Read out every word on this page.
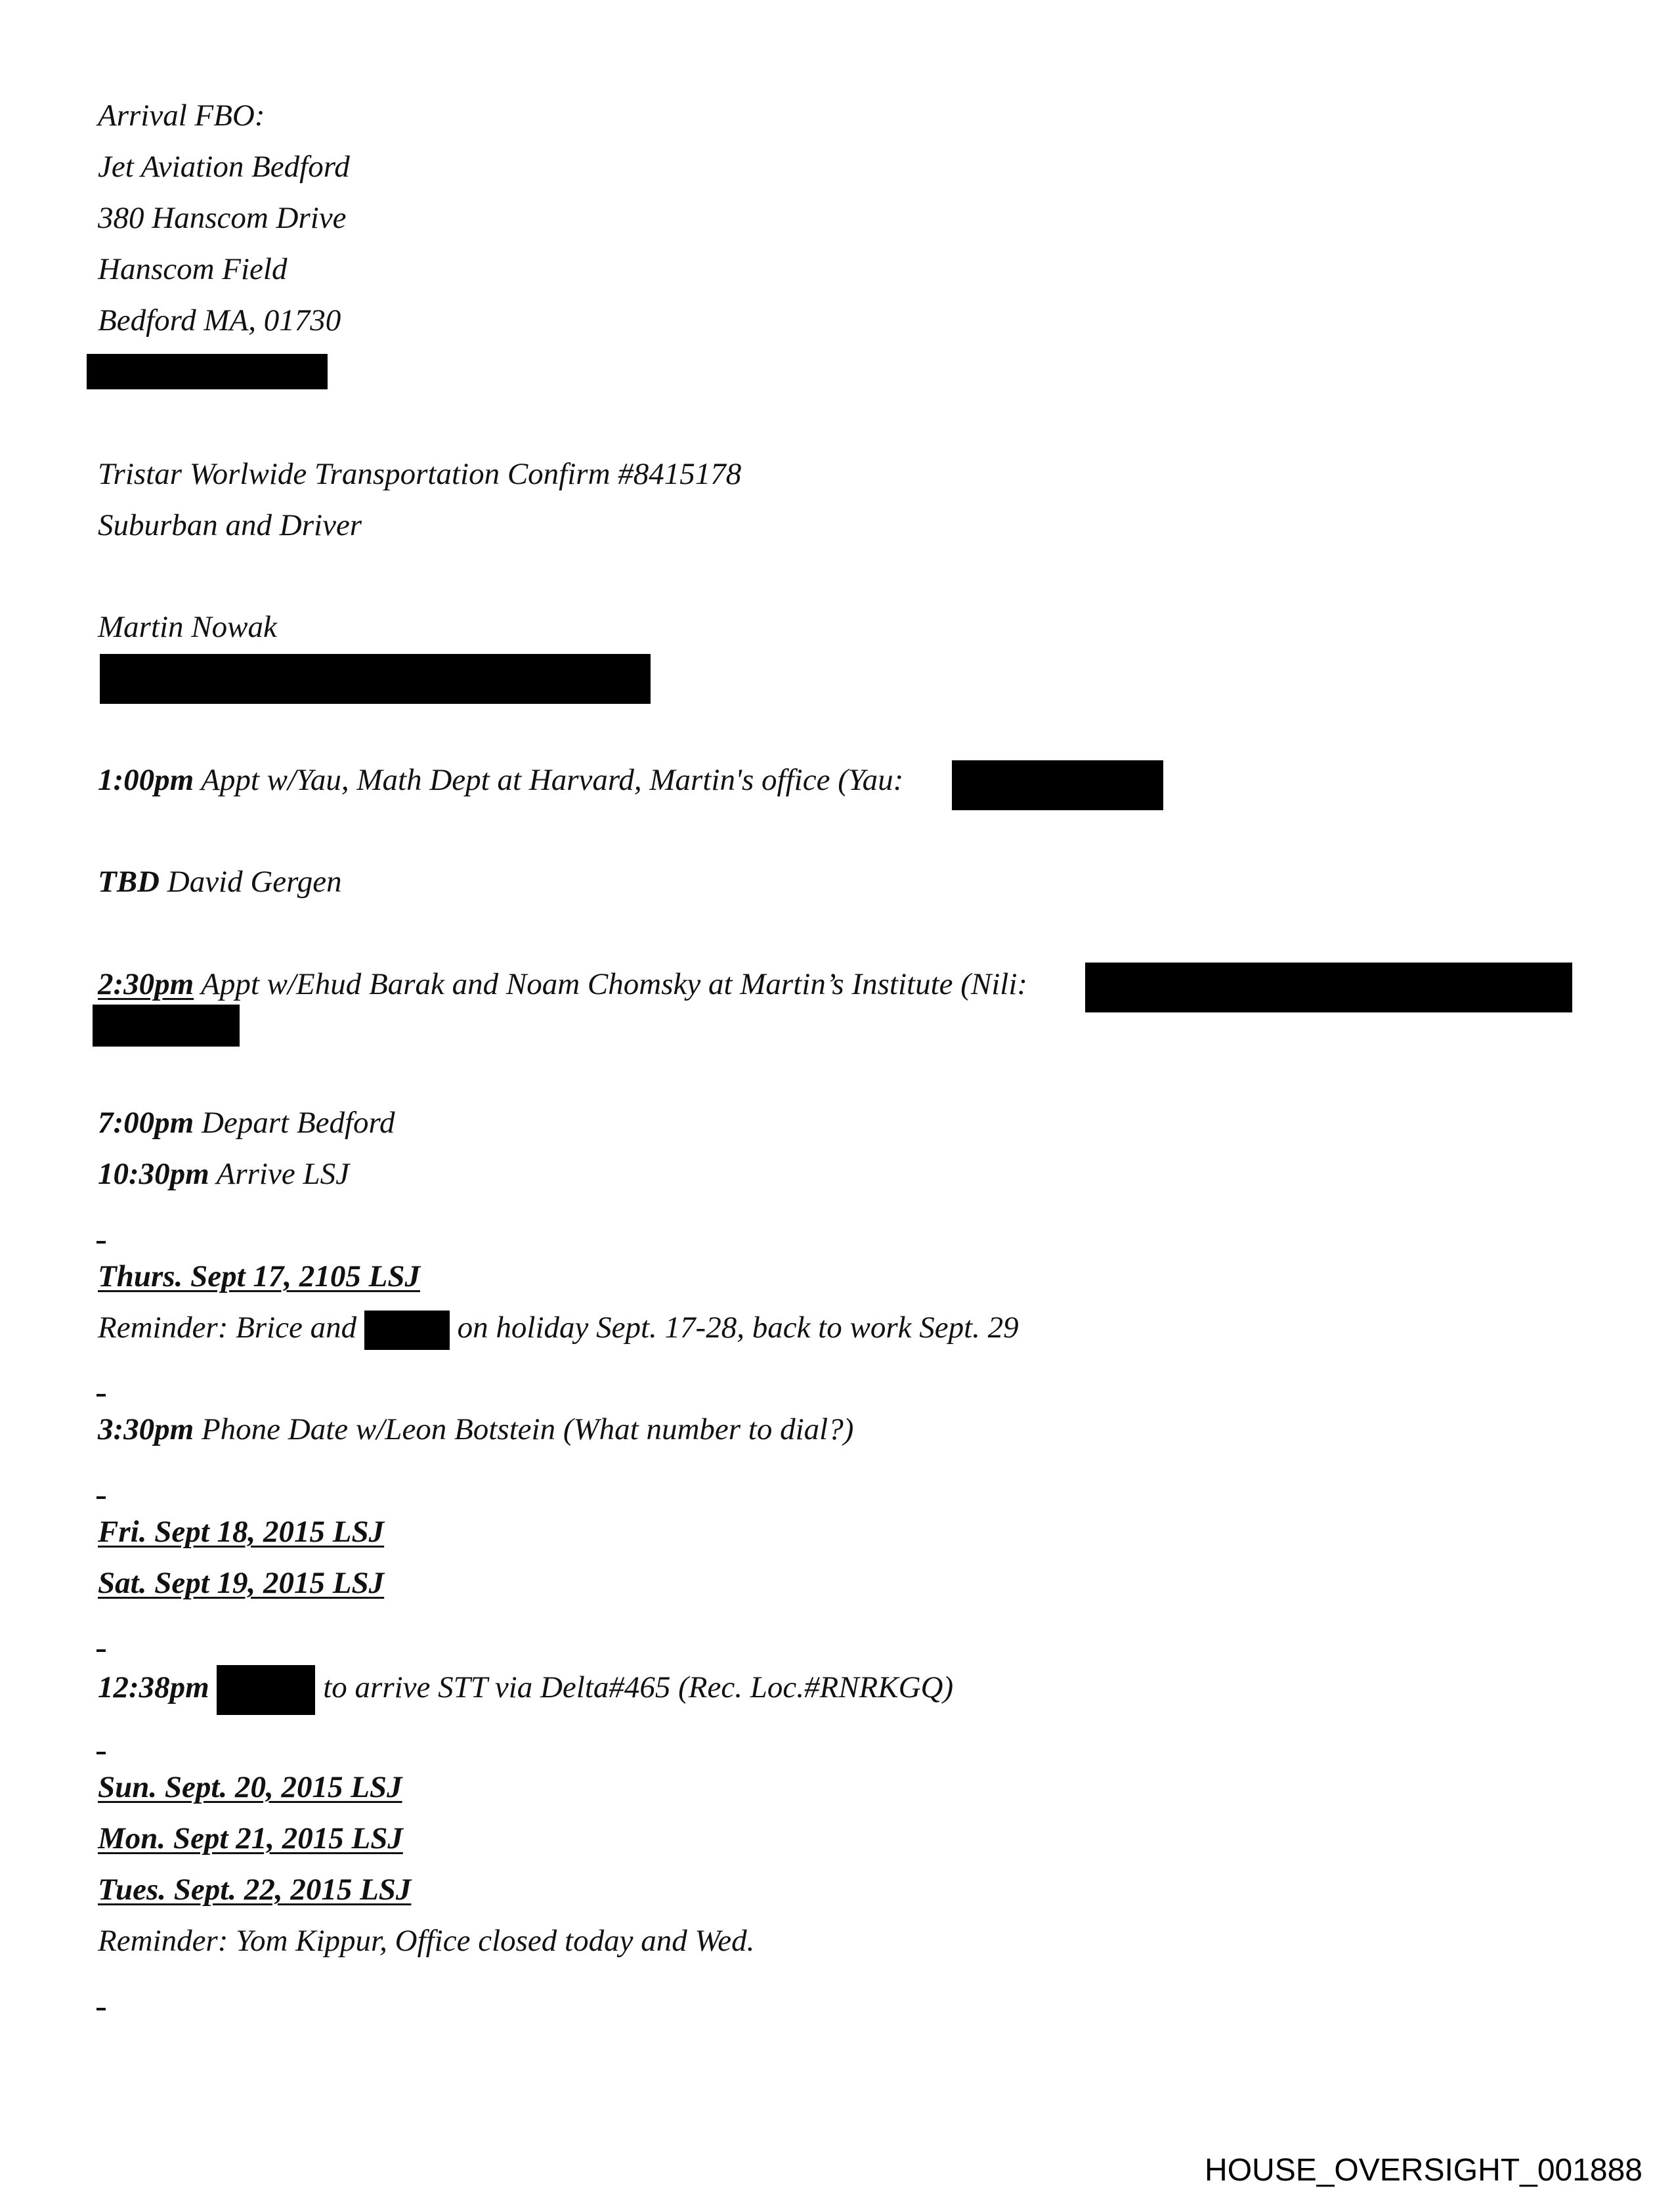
Arrival FBO:

Jet Aviation Bedford

380 Hanscom Drive

Hanscom Field

Bedford MA, 01730

Tristar Worlwide Transportation Confirm #8415178

Suburban and Driver

Martin Nowak

1:00pm Appt w/Yau, Math Dept at Harvard, Martin's office (Yau:

TBD David Gergen

2:30pm Appt w/Ehud Barak and Noam Chomsky at Martin’s Institute (Nili:

7:00pm Depart Bedford

10:30pm Arrive LSJ

Thurs. Sept 17, 2105 LSJ

Reminder: Brice and	on holiday Sept. 17-28, back to work Sept. 29

3:30pm Phone Date w/Leon Botstein (What number to dial?)

Fri. Sept 18, 2015 LSJ

Sat. Sept 19, 2015 LSJ

12:38pm	to arrive STT via Delta#465 (Rec. Loc.#RNRKGQ)

Sun. Sept. 20, 2015 LSJ

Mon. Sept 21, 2015 LSJ

Tues. Sept. 22, 2015 LSJ

Reminder: Yom Kippur, Office closed today and Wed.

HOUSE_OVERSIGHT_001888
